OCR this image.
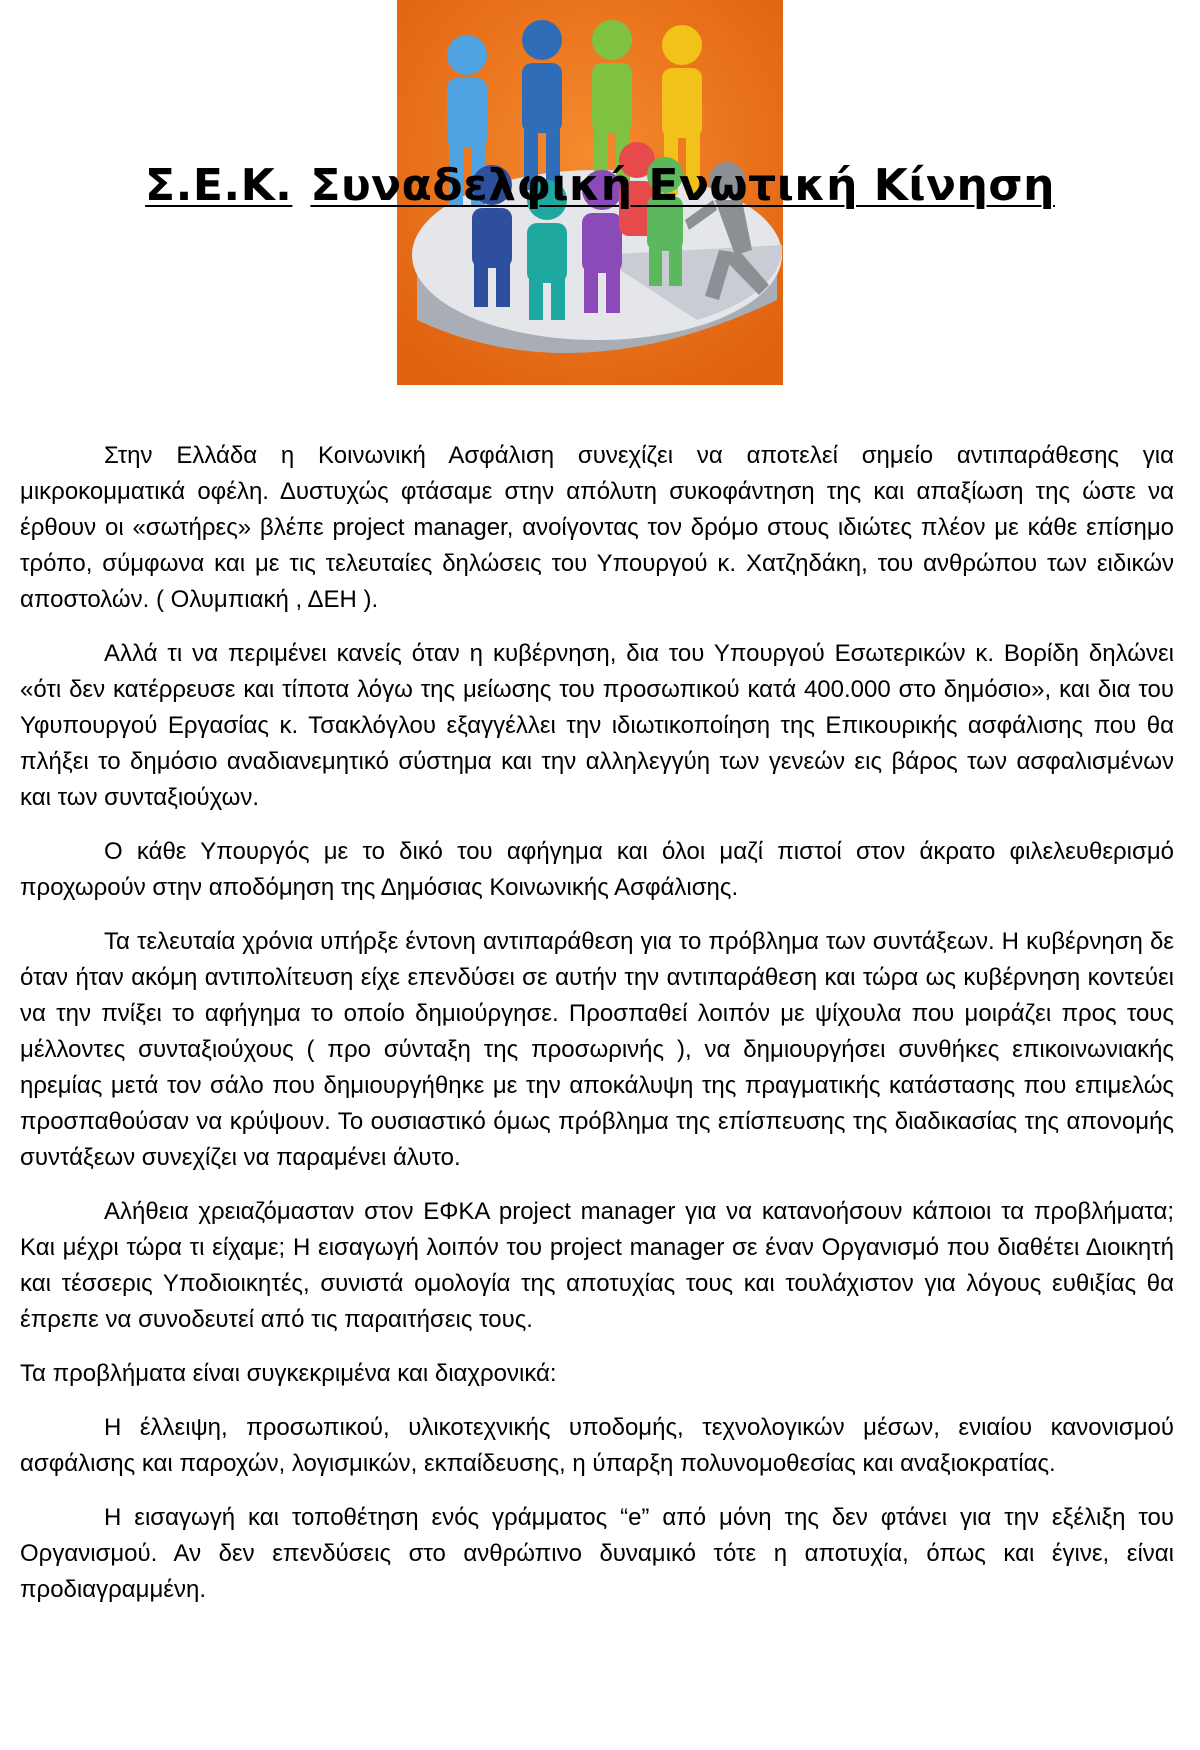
Σ.Ε.Κ. Συναδελφική Ενωτική Κίνηση

Στην Ελλάδα η Κοινωνική Ασφάλιση συνεχίζει να αποτελεί σημείο αντιπαράθεσης για μικροκομματικά οφέλη. Δυστυχώς φτάσαμε στην απόλυτη συκοφάντηση της και απαξίωση της ώστε να έρθουν οι «σωτήρες» βλέπε project manager, ανοίγοντας τον δρόμο στους ιδιώτες πλέον με κάθε επίσημο τρόπο, σύμφωνα και με τις τελευταίες δηλώσεις του Υπουργού κ. Χατζηδάκη, του ανθρώπου των ειδικών αποστολών. ( Ολυμπιακή , ΔΕΗ ).

Αλλά τι να περιμένει κανείς όταν η κυβέρνηση, δια του Υπουργού Εσωτερικών κ. Βορίδη δηλώνει «ότι δεν κατέρρευσε και τίποτα λόγω της μείωσης του προσωπικού κατά 400.000 στο δημόσιο», και δια του Υφυπουργού Εργασίας κ. Τσακλόγλου εξαγγέλλει την ιδιωτικοποίηση της Επικουρικής ασφάλισης που θα πλήξει το δημόσιο αναδιανεμητικό σύστημα και την αλληλεγγύη των γενεών εις βάρος των ασφαλισμένων και των συνταξιούχων.

Ο κάθε Υπουργός με το δικό του αφήγημα και όλοι μαζί πιστοί στον άκρατο φιλελευθερισμό προχωρούν στην αποδόμηση της Δημόσιας Κοινωνικής Ασφάλισης.

Τα τελευταία χρόνια υπήρξε έντονη αντιπαράθεση για το πρόβλημα των συντάξεων. Η κυβέρνηση δε όταν ήταν ακόμη αντιπολίτευση είχε επενδύσει σε αυτήν την αντιπαράθεση και τώρα ως κυβέρνηση κοντεύει να την πνίξει το αφήγημα το οποίο δημιούργησε. Προσπαθεί λοιπόν με ψίχουλα που μοιράζει προς τους μέλλοντες συνταξιούχους ( προ σύνταξη της προσωρινής ), να δημιουργήσει συνθήκες επικοινωνιακής ηρεμίας μετά τον σάλο που δημιουργήθηκε με την αποκάλυψη της πραγματικής κατάστασης που επιμελώς προσπαθούσαν να κρύψουν. Το ουσιαστικό όμως πρόβλημα της επίσπευσης της διαδικασίας της απονομής συντάξεων συνεχίζει να παραμένει άλυτο.

Αλήθεια χρειαζόμασταν στον ΕΦΚΑ project manager για να κατανοήσουν κάποιοι τα προβλήματα; Και μέχρι τώρα τι είχαμε; Η εισαγωγή λοιπόν του project manager σε έναν Οργανισμό που διαθέτει Διοικητή και τέσσερις Υποδιοικητές, συνιστά ομολογία της αποτυχίας τους και τουλάχιστον για λόγους ευθιξίας θα έπρεπε να συνοδευτεί από τις παραιτήσεις τους.

Τα προβλήματα είναι συγκεκριμένα και διαχρονικά:

Η έλλειψη, προσωπικού, υλικοτεχνικής υποδομής, τεχνολογικών μέσων, ενιαίου κανονισμού ασφάλισης και παροχών, λογισμικών, εκπαίδευσης, η ύπαρξη πολυνομοθεσίας και αναξιοκρατίας.

Η εισαγωγή και τοποθέτηση ενός γράμματος “e” από μόνη της δεν φτάνει για την εξέλιξη του Οργανισμού. Αν δεν επενδύσεις στο ανθρώπινο δυναμικό τότε η αποτυχία, όπως και έγινε, είναι προδιαγραμμένη.
